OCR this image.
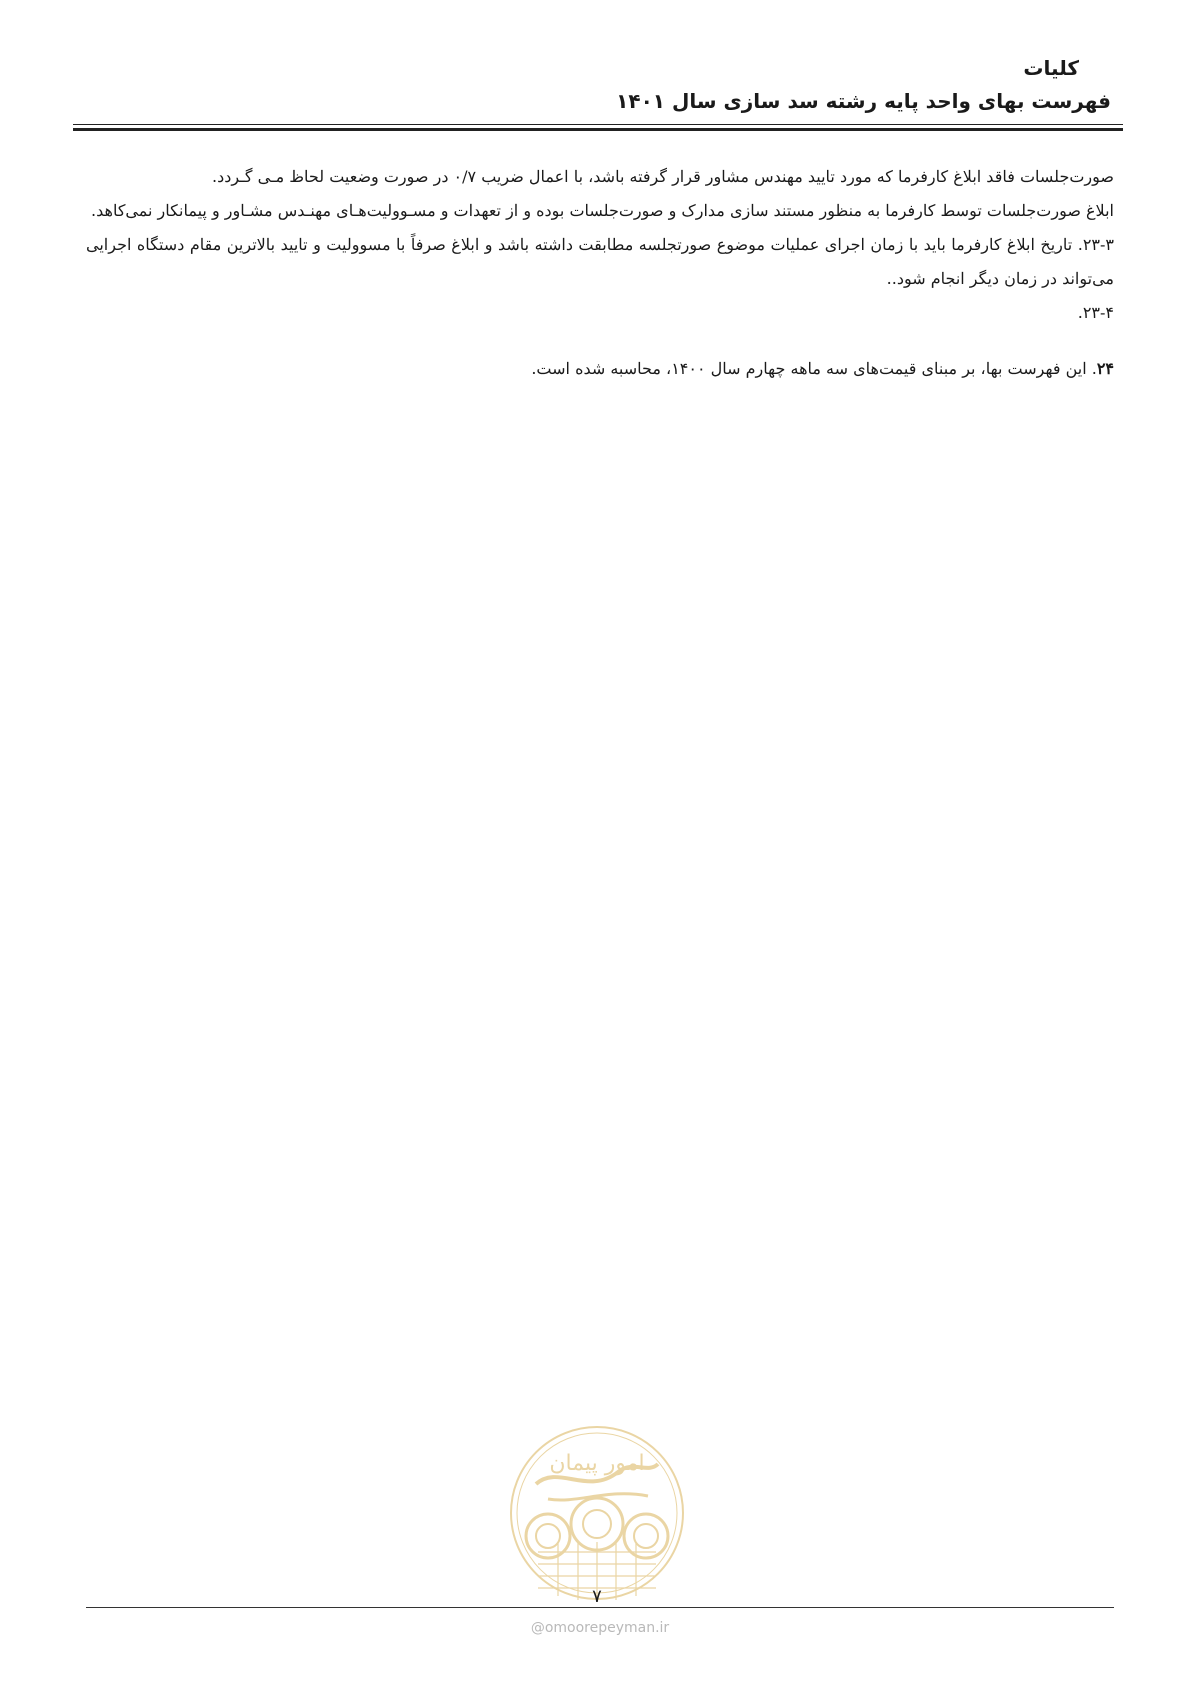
کلیات
فهرست بهای واحد پایه رشته سد سازی سال ۱۴۰۱

صورت‌جلسات فاقد ابلاغ کارفرما که مورد تایید مهندس مشاور قرار گرفته باشد، با اعمال ضریب ۰/۷ در صورت وضعیت لحاظ مـی گـردد.

ابلاغ صورت‌جلسات توسط کارفرما به منظور مستند سازی مدارک و صورت‌جلسات بوده و از تعهدات و مسـوولیت‌هـای مهنـدس مشـاور و پیمانکار نمی‌کاهد.

۲۳-۳. تاریخ ابلاغ کارفرما باید با زمان اجرای عملیات موضوع صورتجلسه مطابقت داشته باشد و ابلاغ صرفاً با مسوولیت و تایید بالاترین مقام دستگاه اجرایی می‌تواند در زمان دیگر انجام شود..

۲۳-۴.

۲۴. این فهرست بها، بر مبنای قیمت‌های سه ماهه چهارم سال ۱۴۰۰، محاسبه شده است.

امور پیمان
۷
@omoorepeyman.ir
